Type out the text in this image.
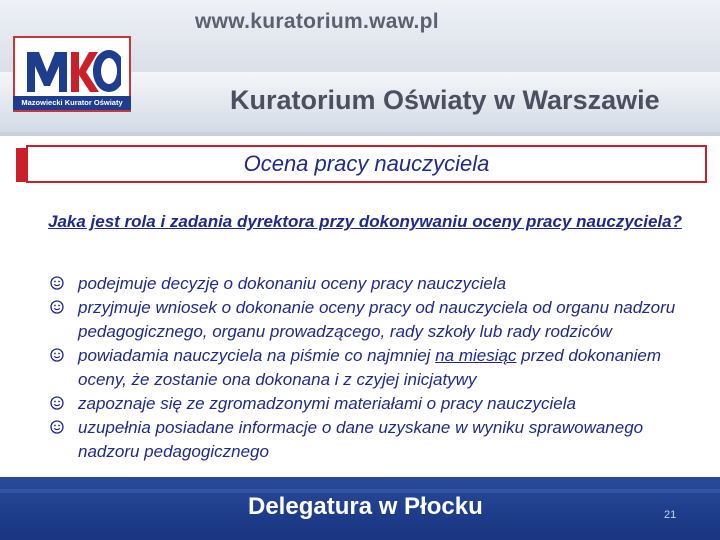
www.kuratorium.waw.pl
Kuratorium Oświaty w Warszawie
Mazowiecki Kurator Oświaty
Ocena pracy nauczyciela
Jaka jest rola i zadania dyrektora przy dokonywaniu oceny pracy nauczyciela?
podejmuje decyzję o dokonaniu oceny pracy nauczyciela
przyjmuje wniosek o dokonanie oceny pracy od nauczyciela od organu nadzoru pedagogicznego, organu prowadzącego, rady szkoły lub rady rodziców
powiadamia nauczyciela na piśmie co najmniej na miesiąc przed dokonaniem oceny, że zostanie ona dokonana i z czyjej inicjatywy
zapoznaje się ze zgromadzonymi materiałami o pracy nauczyciela
uzupełnia posiadane informacje o dane uzyskane w wyniku sprawowanego nadzoru pedagogicznego
Delegatura w Płocku	21
